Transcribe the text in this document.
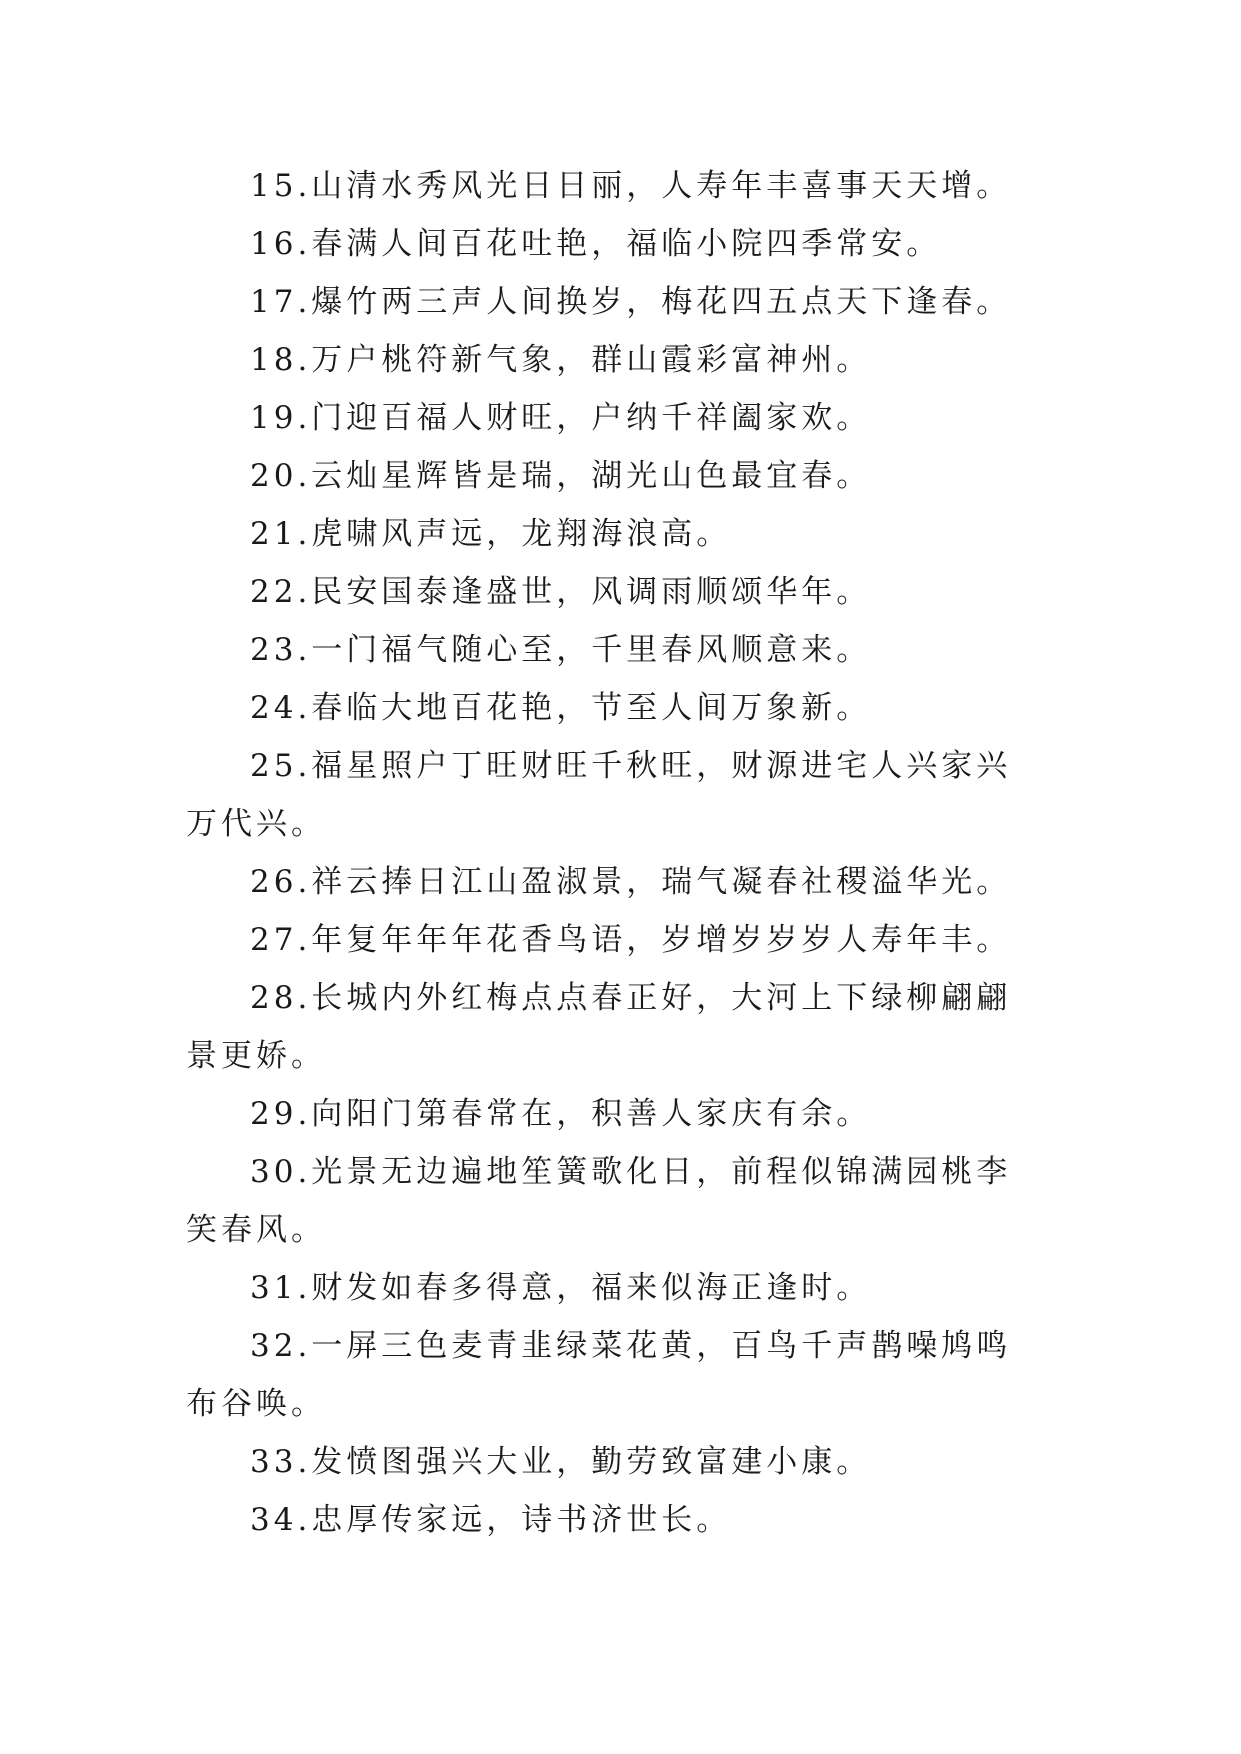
15.山清水秀风光日日丽，人寿年丰喜事天天增。

16.春满人间百花吐艳，福临小院四季常安。

17.爆竹两三声人间换岁，梅花四五点天下逢春。

18.万户桃符新气象，群山霞彩富神州。

19.门迎百福人财旺，户纳千祥阖家欢。

20.云灿星辉皆是瑞，湖光山色最宜春。

21.虎啸风声远，龙翔海浪高。

22.民安国泰逢盛世，风调雨顺颂华年。

23.一门福气随心至，千里春风顺意来。

24.春临大地百花艳，节至人间万象新。

25.福星照户丁旺财旺千秋旺，财源进宅人兴家兴万代兴。

26.祥云捧日江山盈淑景，瑞气凝春社稷溢华光。

27.年复年年年花香鸟语，岁增岁岁岁人寿年丰。

28.长城内外红梅点点春正好，大河上下绿柳翩翩景更娇。

29.向阳门第春常在，积善人家庆有余。

30.光景无边遍地笙簧歌化日，前程似锦满园桃李笑春风。

31.财发如春多得意，福来似海正逢时。

32.一屏三色麦青韭绿菜花黄，百鸟千声鹊噪鸠鸣布谷唤。

33.发愤图强兴大业，勤劳致富建小康。

34.忠厚传家远，诗书济世长。
